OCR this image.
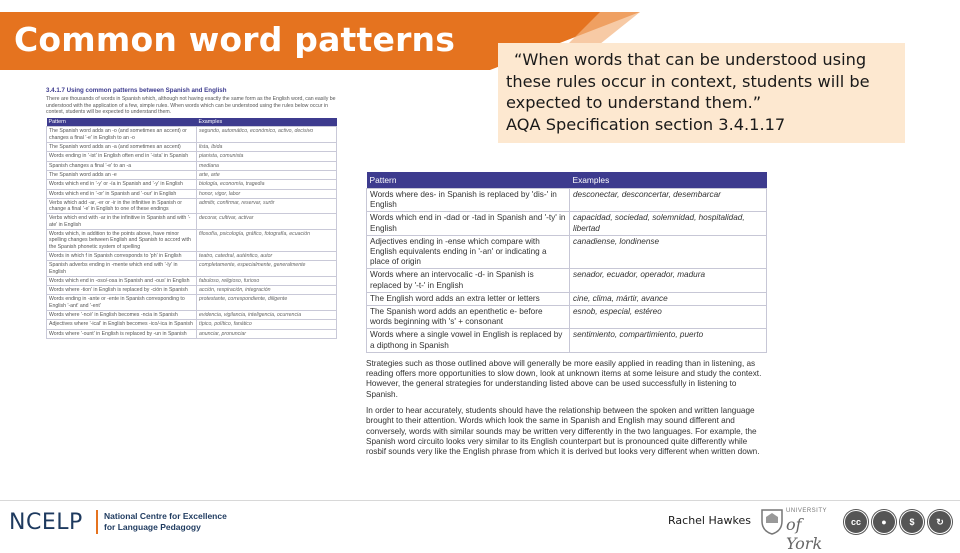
Common word patterns
“When words that can be understood using
these rules occur in context, students will be
expected to understand them.”
AQA Specification section 3.4.1.17
3.4.1.7 Using common patterns between Spanish and English
There are thousands of words in Spanish which, although not having exactly the same form as the English word, can easily be understood with the application of a few, simple rules. When words which can be understood using the rules below occur in context, students will be expected to understand them.
Pattern	Examples
The Spanish word adds an -o (and sometimes an accent) or changes a final '-e' in English to an -o	segundo, automático, económico, activo, decisivo
The Spanish word adds an -a (and sometimes an accent)	lista, íbida
Words ending in '-ist' in English often end in '-ista' in Spanish	pianista, comunista
Spanish changes a final '-e' to an -a	mediana
The Spanish word adds an -e	arte, arte
Words which end in '-y' or -ía in Spanish and '-y' in English	biología, economía, tragedia
Words which end in '-or' in Spanish and '-our' in English	honor, vigor, labor
Verbs which add -ar, -er or -ir in the infinitive in Spanish or change a final '-e' in English to one of these endings	admitir, confirmar, reservar, surtir
Verbs which end with -ar in the infinitive in Spanish and with '-ate' in English	decorar, cultivar, activar
Words which, in addition to the points above, have minor spelling changes between English and Spanish to accord with the Spanish phonetic system of spelling	filosofía, psicología, gráfico, fotografía, ecuación
Words in which f in Spanish corresponds to 'ph' in English	teatro, catedral, auténtico, autor
Spanish adverbs ending in -mente which end with '-ly' in English	completamente, especialmente, generalmente
Words which end in -oso/-osa in Spanish and -ous' in English	fabuloso, religioso, furioso
Words where -tion' in English is replaced by -ción in Spanish	acción, respiración, integración
Words ending in -ante or -ente in Spanish corresponding to English '-ant' and '-ent'	protestante, correspondiente, diligente
Words where '-ncé' in English becomes -ncia in Spanish	evidencia, vigilancia, inteligencia, ocurrencia
Adjectives where '-ical' in English becomes -ico/-ica in Spanish	típico, político, fanático
Words where '-ount' in English is replaced by -un in Spanish	anunciar, pronunciar
Pattern	Examples
Words where des- in Spanish is replaced by 'dis-' in English	desconectar, desconcertar, desembarcar
Words which end in -dad or -tad in Spanish and '-ty' in English	capacidad, sociedad, solemnidad, hospitalidad, libertad
Adjectives ending in -ense which compare with English equivalents ending in '-an' or indicating a place of origin	canadiense, londinense
Words where an intervocalic -d- in Spanish is replaced by '-t-' in English	senador, ecuador, operador, madura
The English word adds an extra letter or letters	cine, clima, mártir, avance
The Spanish word adds an epenthetic e- before words beginning with 's' + consonant	esnob, especial, estéreo
Words where a single vowel in English is replaced by a dipthong in Spanish	sentimiento, compartimiento, puerto

Strategies such as those outlined above will generally be more easily applied in reading than in listening, as reading offers more opportunities to slow down, look at unknown items at some leisure and study the context. However, the general strategies for understanding listed above can be used successfully in listening to Spanish.

In order to hear accurately, students should have the relationship between the spoken and written language brought to their attention. Words which look the same in Spanish and English may sound different and conversely, words with similar sounds may be written very differently in the two languages. For example, the Spanish word circuito looks very similar to its English counterpart but is pronounced quite differently while rosbif sounds very like the English phrase from which it is derived but looks very different when written down.

NCELP	National Centre for Excellence
for Language Pedagogy	Rachel Hawkes
UNIVERSITY
of York
cc ●	$ ↻
